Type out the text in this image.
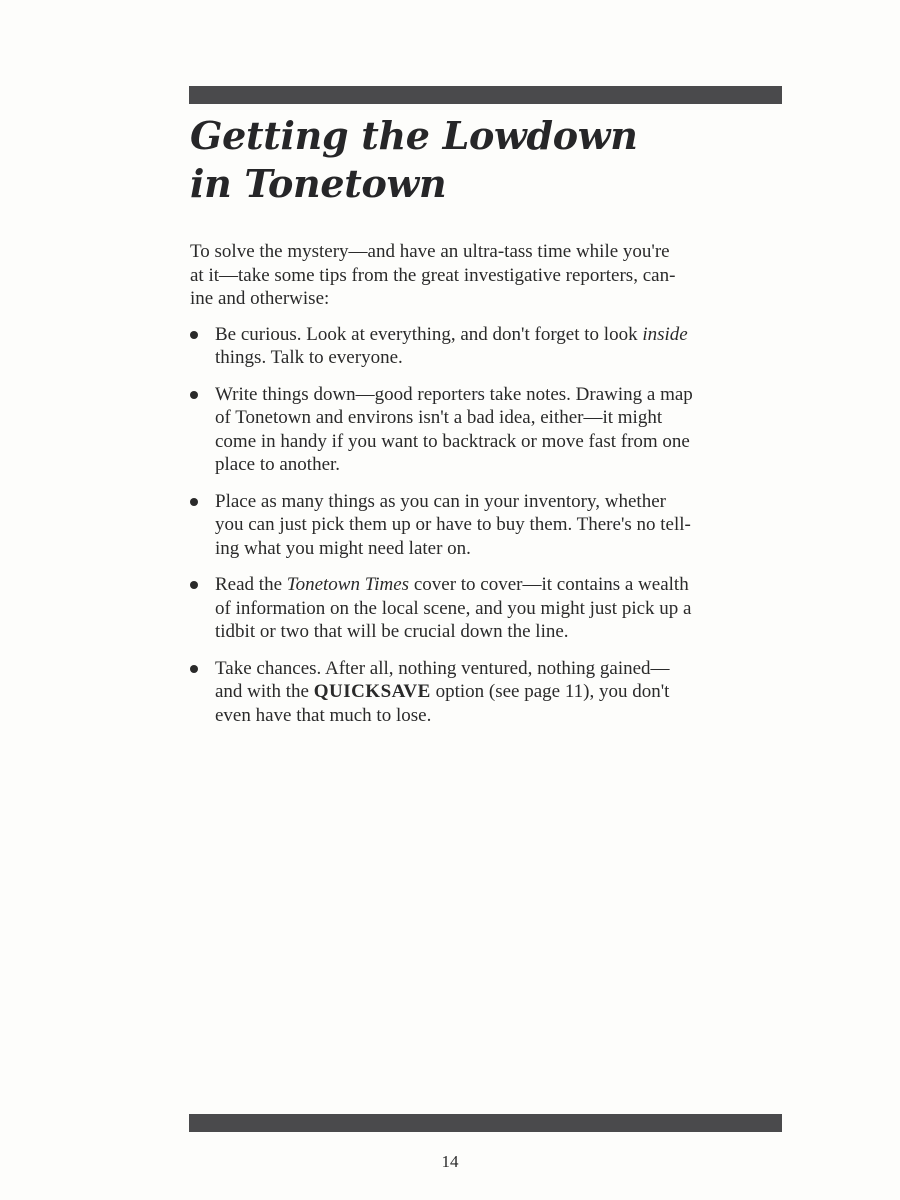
Getting the Lowdown
in Tonetown

To solve the mystery—and have an ultra-tass time while you're
at it—take some tips from the great investigative reporters, can-
ine and otherwise:

Be curious. Look at everything, and don't forget to look inside
things. Talk to everyone.
Write things down—good reporters take notes. Drawing a map
of Tonetown and environs isn't a bad idea, either—it might
come in handy if you want to backtrack or move fast from one
place to another.
Place as many things as you can in your inventory, whether
you can just pick them up or have to buy them. There's no tell-
ing what you might need later on.
Read the Tonetown Times cover to cover—it contains a wealth
of information on the local scene, and you might just pick up a
tidbit or two that will be crucial down the line.
Take chances. After all, nothing ventured, nothing gained—
and with the QUICKSAVE option (see page 11), you don't
even have that much to lose.
14
